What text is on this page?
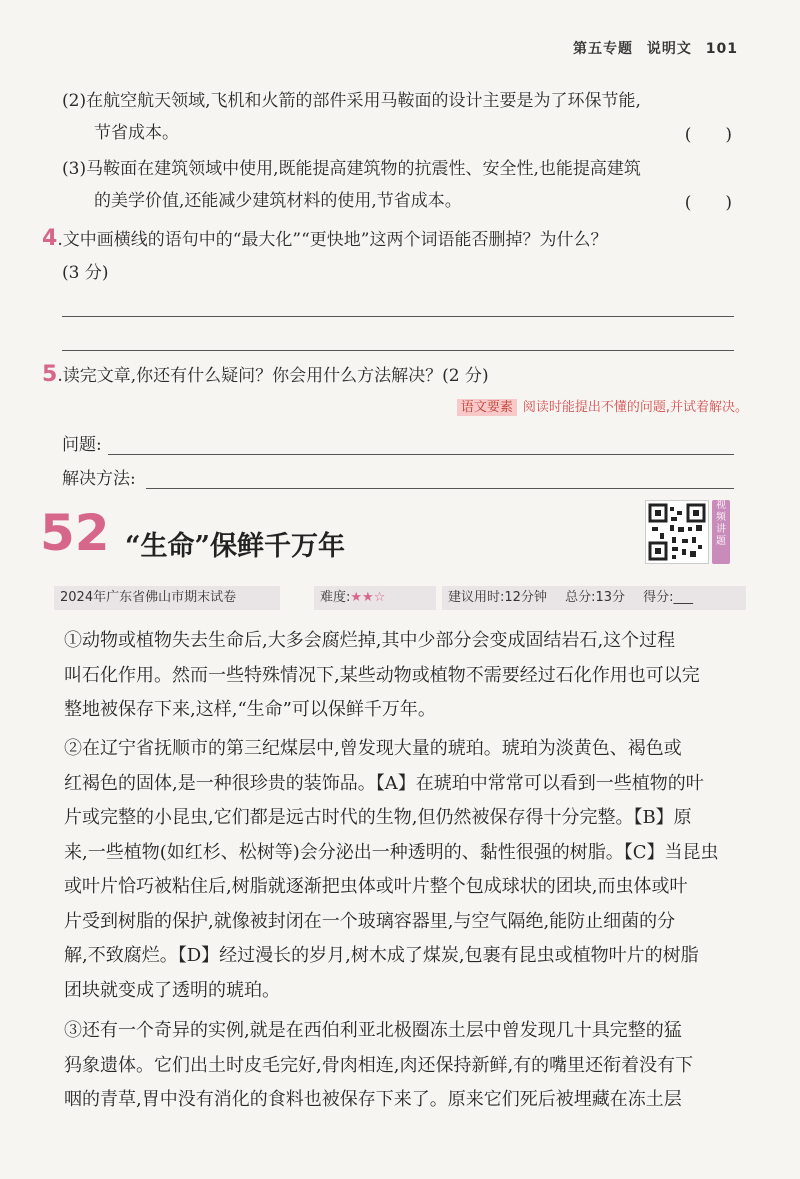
第五专题 说明文 101
(2)在航空航天领域,飞机和火箭的部件采用马鞍面的设计主要是为了环保节能,
节省成本。	(　　)
(3)马鞍面在建筑领域中使用,既能提高建筑物的抗震性、安全性,也能提高建筑
的美学价值,还能减少建筑材料的使用,节省成本。	(　　)
4.文中画横线的语句中的“最大化”“更快地”这两个词语能否删掉？为什么？
(3 分)
5.读完文章,你还有什么疑问？你会用什么方法解决？(2 分)
语文要素 阅读时能提出不懂的问题,并试着解决。
问题:
解决方法:
52 “生命”保鲜千万年
视频讲题
2024年广东省佛山市期末试卷	难度:★★☆	建议用时:12分钟 总分:13分 得分:___
①动物或植物失去生命后,大多会腐烂掉,其中少部分会变成固结岩石,这个过程
叫石化作用。然而一些特殊情况下,某些动物或植物不需要经过石化作用也可以完
整地被保存下来,这样,“生命”可以保鲜千万年。
②在辽宁省抚顺市的第三纪煤层中,曾发现大量的琥珀。琥珀为淡黄色、褐色或
红褐色的固体,是一种很珍贵的装饰品。【A】在琥珀中常常可以看到一些植物的叶
片或完整的小昆虫,它们都是远古时代的生物,但仍然被保存得十分完整。【B】原
来,一些植物(如红杉、松树等)会分泌出一种透明的、黏性很强的树脂。【C】当昆虫
或叶片恰巧被粘住后,树脂就逐渐把虫体或叶片整个包成球状的团块,而虫体或叶
片受到树脂的保护,就像被封闭在一个玻璃容器里,与空气隔绝,能防止细菌的分
解,不致腐烂。【D】经过漫长的岁月,树木成了煤炭,包裹有昆虫或植物叶片的树脂
团块就变成了透明的琥珀。
③还有一个奇异的实例,就是在西伯利亚北极圈冻土层中曾发现几十具完整的猛
犸象遗体。它们出土时皮毛完好,骨肉相连,肉还保持新鲜,有的嘴里还衔着没有下
咽的青草,胃中没有消化的食料也被保存下来了。原来它们死后被埋藏在冻土层
